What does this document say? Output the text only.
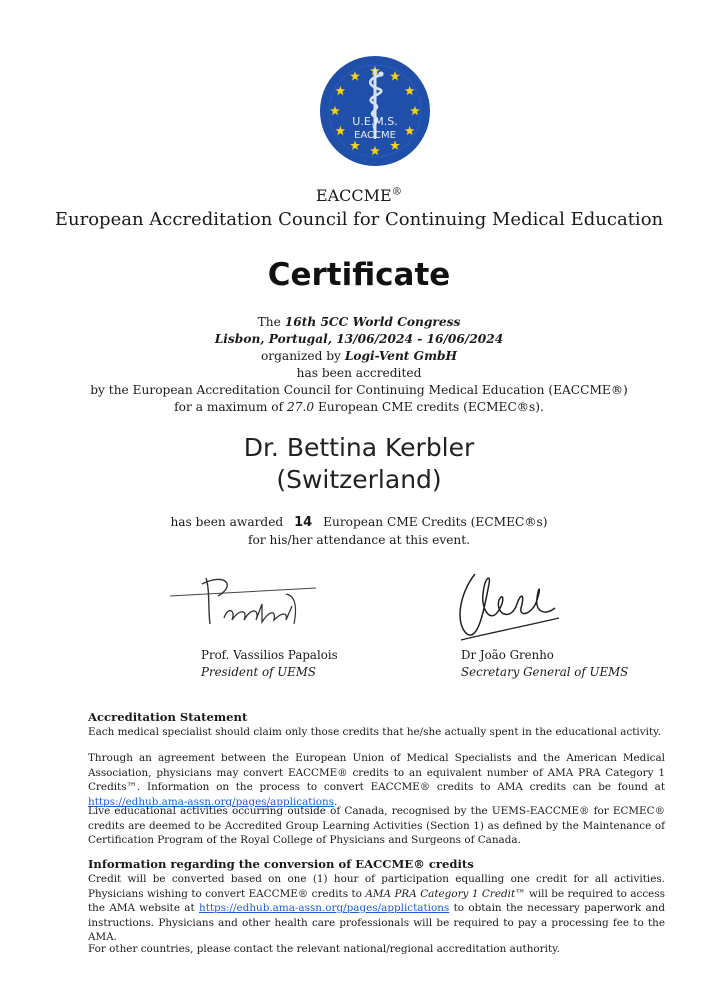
U.E.M.S.
EACCME
EACCME®
European Accreditation Council for Continuing Medical Education
Certificate
The 16th 5CC World Congress
Lisbon, Portugal, 13/06/2024 - 16/06/2024
organized by Logi-Vent GmbH
has been accredited
by the European Accreditation Council for Continuing Medical Education (EACCME®)
for a maximum of 27.0 European CME credits (ECMEC®s).
Dr. Bettina Kerbler
(Switzerland)
has been awarded 14 European CME Credits (ECMEC®s)
for his/her attendance at this event.
Prof. Vassilios Papalois
President of UEMS
Dr João Grenho
Secretary General of UEMS
Accreditation Statement
Each medical specialist should claim only those credits that he/she actually spent in the educational activity.
Through an agreement between the European Union of Medical Specialists and the American Medical Association, physicians may convert EACCME® credits to an equivalent number of AMA PRA Category 1 Credits™. Information on the process to convert EACCME® credits to AMA credits can be found at https://edhub.ama-assn.org/pages/applications.
Live educational activities occurring outside of Canada, recognised by the UEMS-EACCME® for ECMEC® credits are deemed to be Accredited Group Learning Activities (Section 1) as defined by the Maintenance of Certification Program of the Royal College of Physicians and Surgeons of Canada.
Information regarding the conversion of EACCME® credits
Credit will be converted based on one (1) hour of participation equalling one credit for all activities. Physicians wishing to convert EACCME® credits to AMA PRA Category 1 Credit™ will be required to access the AMA website at https://edhub.ama-assn.org/pages/applictations to obtain the necessary paperwork and instructions. Physicians and other health care professionals will be required to pay a processing fee to the AMA.
For other countries, please contact the relevant national/regional accreditation authority.
